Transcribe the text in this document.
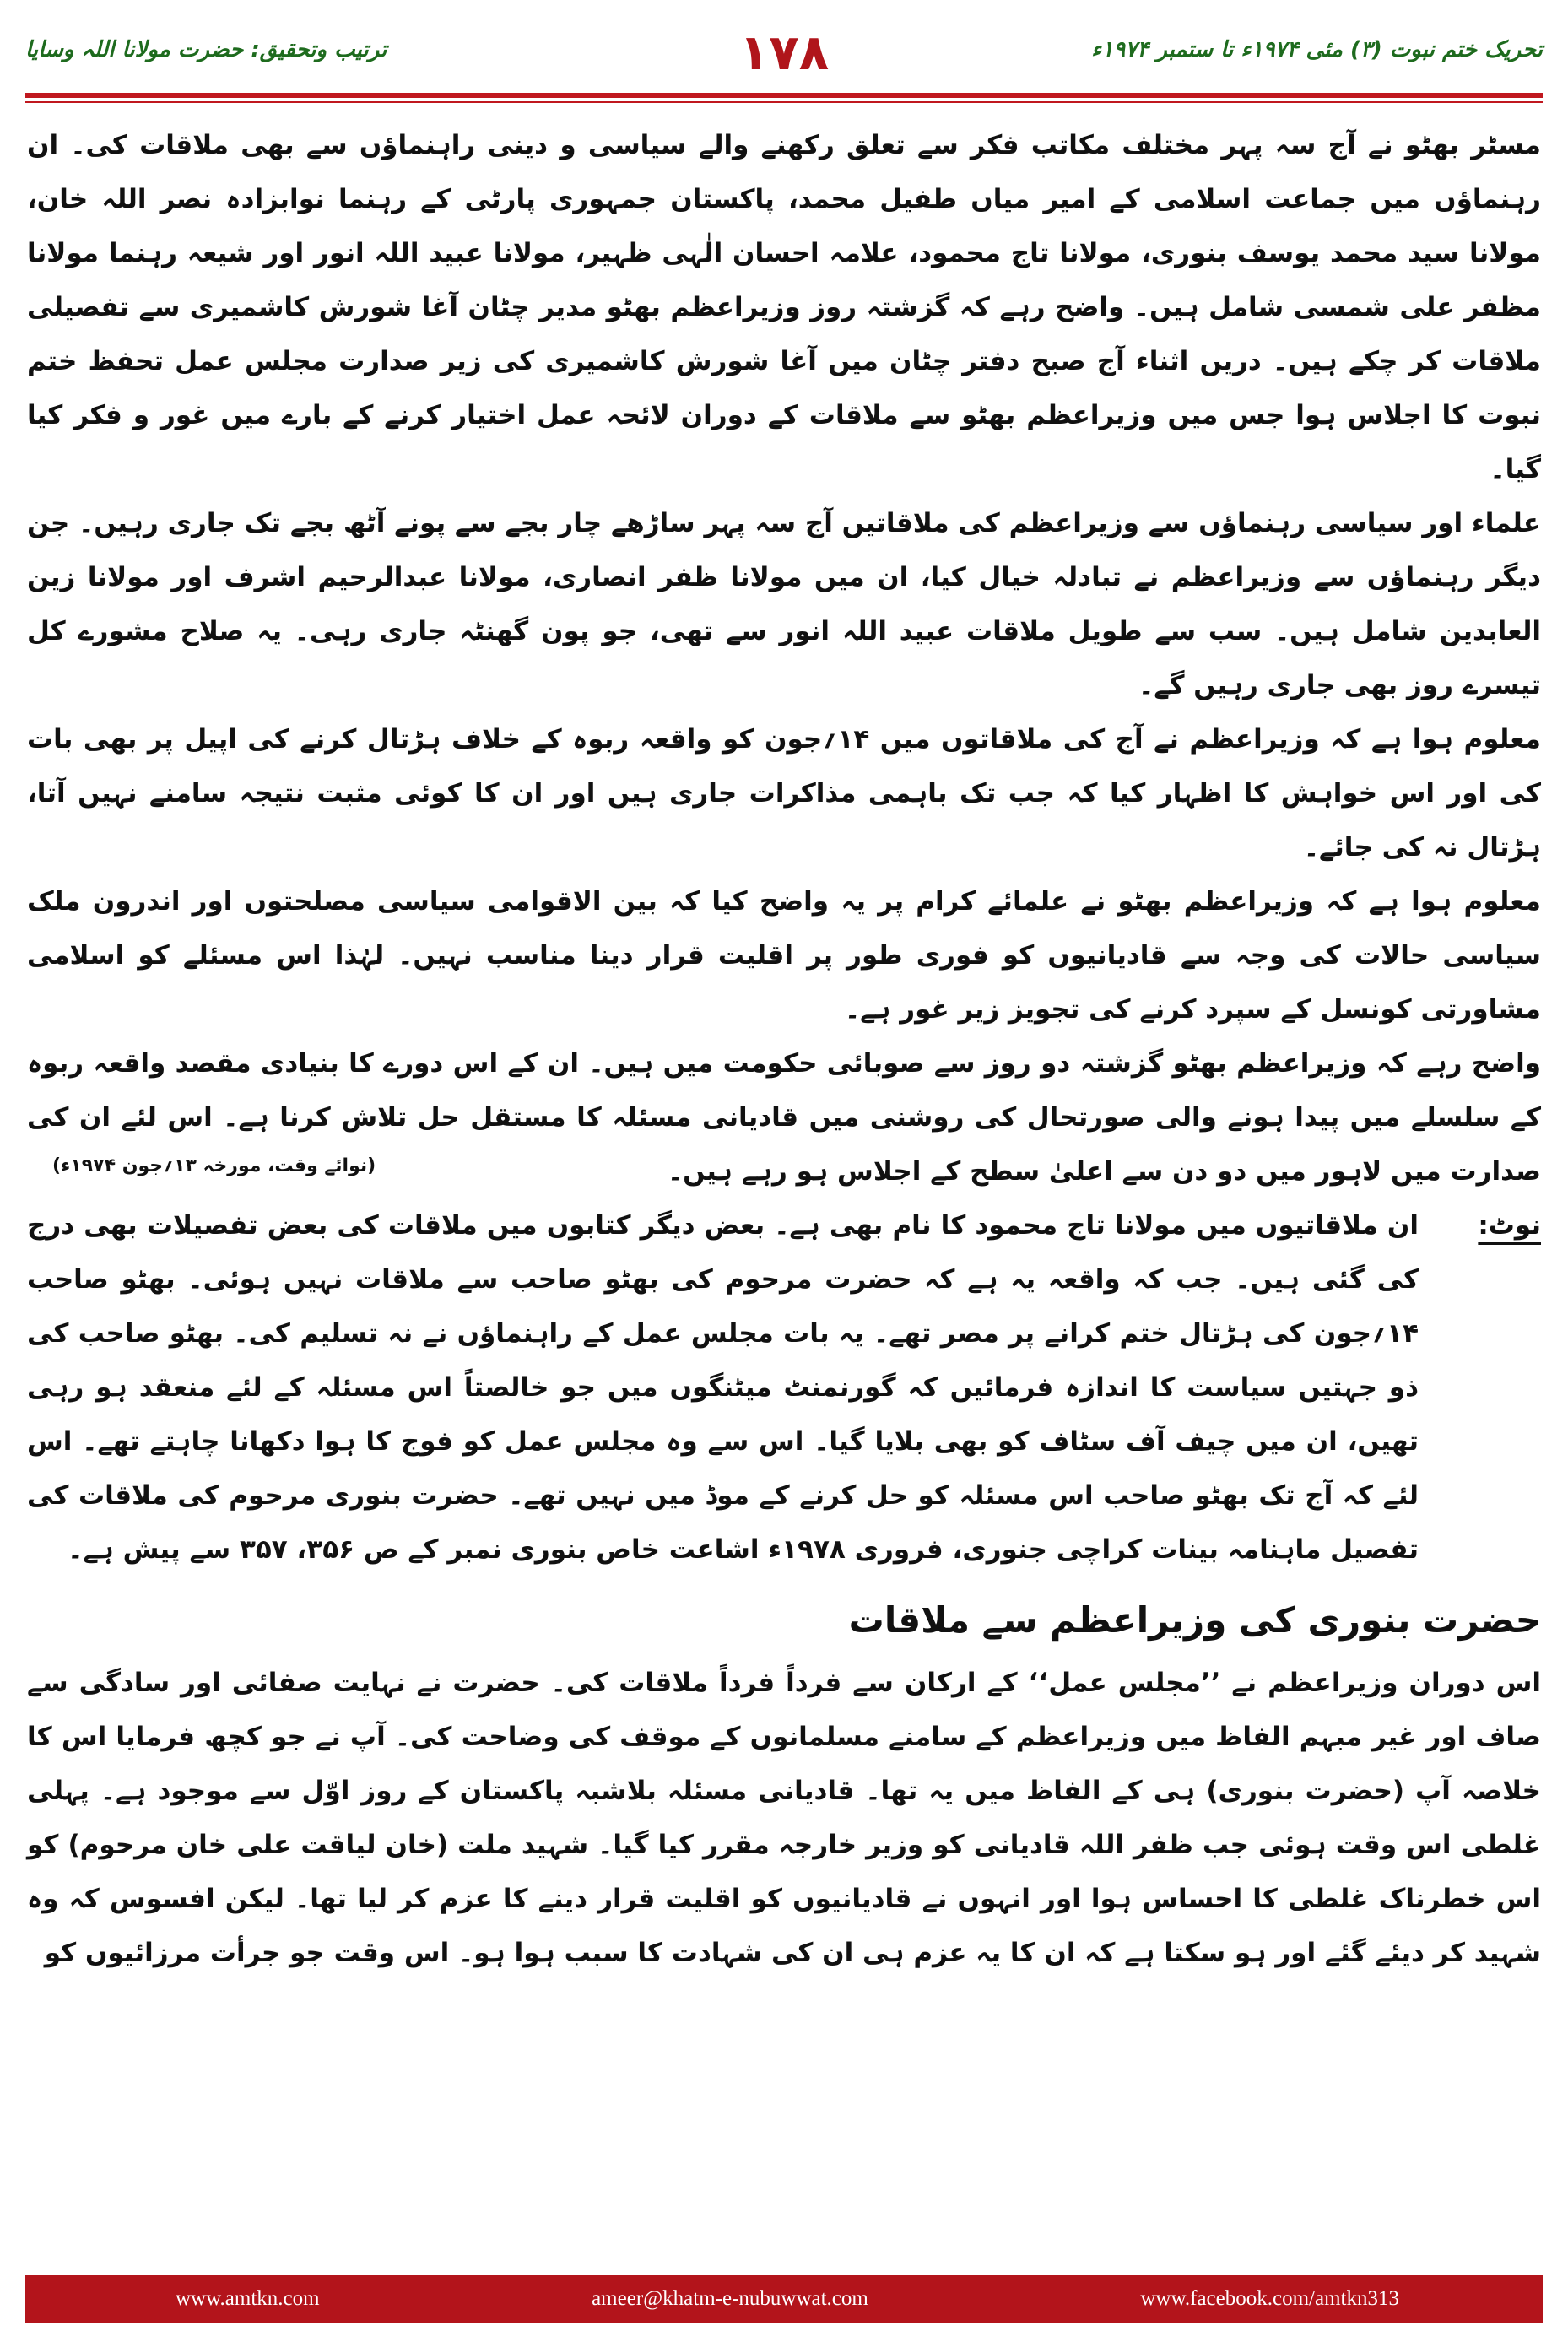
ترتیب وتحقیق: حضرت مولانا اللہ وسایا	۱۷۸	تحریک ختم نبوت (۳) مئی ۱۹۷۴ء تا ستمبر ۱۹۷۴ء

مسٹر بھٹو نے آج سہ پہر مختلف مکاتب فکر سے تعلق رکھنے والے سیاسی و دینی راہنماؤں سے بھی ملاقات کی۔ ان رہنماؤں میں جماعت اسلامی کے امیر میاں طفیل محمد، پاکستان جمہوری پارٹی کے رہنما نوابزادہ نصر اللہ خان، مولانا سید محمد یوسف بنوری، مولانا تاج محمود، علامہ احسان الٰہی ظہیر، مولانا عبید اللہ انور اور شیعہ رہنما مولانا مظفر علی شمسی شامل ہیں۔ واضح رہے کہ گزشتہ روز وزیراعظم بھٹو مدیر چٹان آغا شورش کاشمیری سے تفصیلی ملاقات کر چکے ہیں۔ دریں اثناء آج صبح دفتر چٹان میں آغا شورش کاشمیری کی زیر صدارت مجلس عمل تحفظ ختم نبوت کا اجلاس ہوا جس میں وزیراعظم بھٹو سے ملاقات کے دوران لائحہ عمل اختیار کرنے کے بارے میں غور و فکر کیا گیا۔

علماء اور سیاسی رہنماؤں سے وزیراعظم کی ملاقاتیں آج سہ پہر ساڑھے چار بجے سے پونے آٹھ بجے تک جاری رہیں۔ جن دیگر رہنماؤں سے وزیراعظم نے تبادلہ خیال کیا، ان میں مولانا ظفر انصاری، مولانا عبدالرحیم اشرف اور مولانا زین العابدین شامل ہیں۔ سب سے طویل ملاقات عبید اللہ انور سے تھی، جو پون گھنٹہ جاری رہی۔ یہ صلاح مشورے کل تیسرے روز بھی جاری رہیں گے۔

معلوم ہوا ہے کہ وزیراعظم نے آج کی ملاقاتوں میں ۱۴؍جون کو واقعہ ربوہ کے خلاف ہڑتال کرنے کی اپیل پر بھی بات کی اور اس خواہش کا اظہار کیا کہ جب تک باہمی مذاکرات جاری ہیں اور ان کا کوئی مثبت نتیجہ سامنے نہیں آتا، ہڑتال نہ کی جائے۔

معلوم ہوا ہے کہ وزیراعظم بھٹو نے علمائے کرام پر یہ واضح کیا کہ بین الاقوامی سیاسی مصلحتوں اور اندرون ملک سیاسی حالات کی وجہ سے قادیانیوں کو فوری طور پر اقلیت قرار دینا مناسب نہیں۔ لہٰذا اس مسئلے کو اسلامی مشاورتی کونسل کے سپرد کرنے کی تجویز زیر غور ہے۔

واضح رہے کہ وزیراعظم بھٹو گزشتہ دو روز سے صوبائی حکومت میں ہیں۔ ان کے اس دورے کا بنیادی مقصد واقعہ ربوہ کے سلسلے میں پیدا ہونے والی صورتحال کی روشنی میں قادیانی مسئلہ کا مستقل حل تلاش کرنا ہے۔ اس لئے ان کی صدارت میں لاہور میں دو دن سے اعلیٰ سطح کے اجلاس ہو رہے ہیں۔

(نوائے وقت، مورخہ ۱۳؍جون ۱۹۷۴ء)
نوٹ:

ان ملاقاتیوں میں مولانا تاج محمود کا نام بھی ہے۔ بعض دیگر کتابوں میں ملاقات کی بعض تفصیلات بھی درج کی گئی ہیں۔ جب کہ واقعہ یہ ہے کہ حضرت مرحوم کی بھٹو صاحب سے ملاقات نہیں ہوئی۔ بھٹو صاحب ۱۴؍جون کی ہڑتال ختم کرانے پر مصر تھے۔ یہ بات مجلس عمل کے راہنماؤں نے نہ تسلیم کی۔ بھٹو صاحب کی ذو جہتیں سیاست کا اندازہ فرمائیں کہ گورنمنٹ میٹنگوں میں جو خالصتاً اس مسئلہ کے لئے منعقد ہو رہی تھیں، ان میں چیف آف سٹاف کو بھی بلایا گیا۔ اس سے وہ مجلس عمل کو فوج کا ہوا دکھانا چاہتے تھے۔ اس لئے کہ آج تک بھٹو صاحب اس مسئلہ کو حل کرنے کے موڈ میں نہیں تھے۔ حضرت بنوری مرحوم کی ملاقات کی تفصیل ماہنامہ بینات کراچی جنوری، فروری ۱۹۷۸ء اشاعت خاص بنوری نمبر کے ص ۳۵۶، ۳۵۷ سے پیش ہے۔

حضرت بنوری کی وزیراعظم سے ملاقات

اس دوران وزیراعظم نے ’’مجلس عمل‘‘ کے ارکان سے فرداً فرداً ملاقات کی۔ حضرت نے نہایت صفائی اور سادگی سے صاف اور غیر مبہم الفاظ میں وزیراعظم کے سامنے مسلمانوں کے موقف کی وضاحت کی۔ آپ نے جو کچھ فرمایا اس کا خلاصہ آپ (حضرت بنوری) ہی کے الفاظ میں یہ تھا۔ قادیانی مسئلہ بلاشبہ پاکستان کے روز اوّل سے موجود ہے۔ پہلی غلطی اس وقت ہوئی جب ظفر اللہ قادیانی کو وزیر خارجہ مقرر کیا گیا۔ شہید ملت (خان لیاقت علی خان مرحوم) کو اس خطرناک غلطی کا احساس ہوا اور انہوں نے قادیانیوں کو اقلیت قرار دینے کا عزم کر لیا تھا۔ لیکن افسوس کہ وہ شہید کر دیئے گئے اور ہو سکتا ہے کہ ان کا یہ عزم ہی ان کی شہادت کا سبب ہوا ہو۔ اس وقت جو جرأت مرزائیوں کو

www.amtkn.com	ameer@khatm-e-nubuwwat.com	www.facebook.com/amtkn313
